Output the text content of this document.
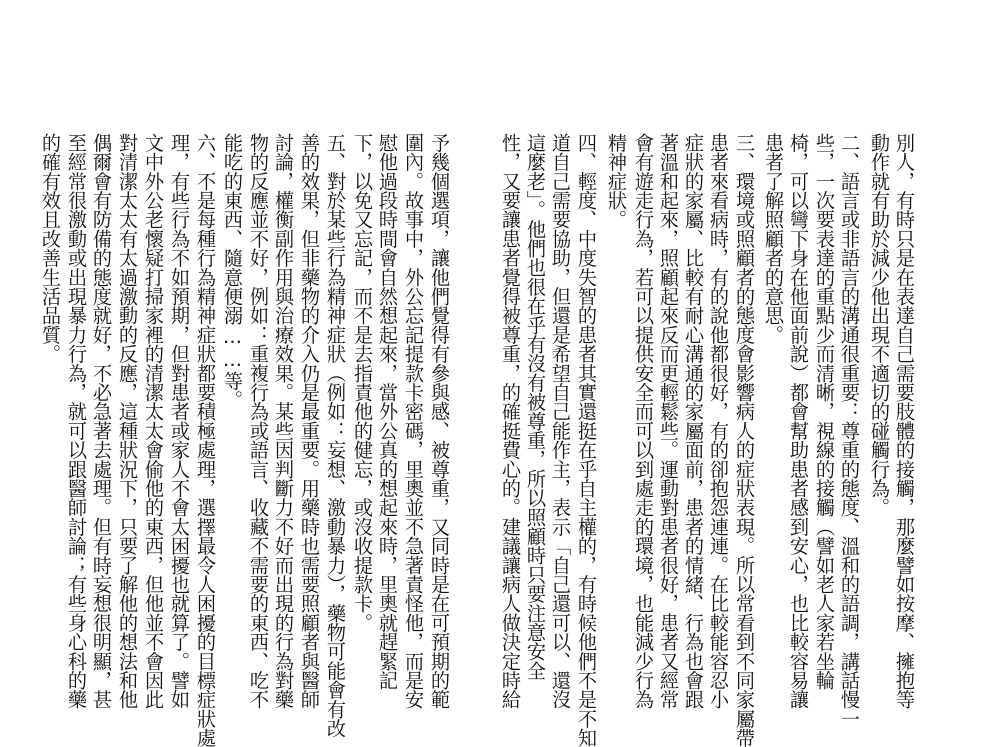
別人，有時只是在表達自己需要肢體的接觸，那麼譬如按摩、擁抱等

動作就有助於減少他出現不適切的碰觸行為。

二、語言或非語言的溝通很重要：尊重的態度、溫和的語調，講話慢一

些，一次要表達的重點少而清晰，視線的接觸（譬如老人家若坐輪

椅，可以彎下身在他面前說）都會幫助患者感到安心，也比較容易讓

患者了解照顧者的意思。

三、環境或照顧者的態度會影響病人的症狀表現。所以常看到不同家屬帶

患者來看病時，有的說他都很好，有的卻抱怨連連。在比較能容忍小

症狀的家屬、比較有耐心溝通的家屬面前，患者的情緒、行為也會跟

著溫和起來，照顧起來反而更輕鬆些。運動對患者很好，患者又經常

會有遊走行為，若可以提供安全而可以到處走的環境，也能減少行為

精神症狀。

四、輕度、中度失智的患者其實還挺在乎自主權的，有時候他們不是不知

道自己需要協助，但還是希望自己能作主，表示「自己還可以、還沒

這麼老」。他們也很在乎有沒有被尊重，所以照顧時只要注意安全

性，又要讓患者覺得被尊重，的確挺費心的。建議讓病人做決定時給

予幾個選項，讓他們覺得有參與感、被尊重，又同時是在可預期的範

圍內。故事中，外公忘記提款卡密碼，里奧並不急著責怪他，而是安

慰他過段時間會自然想起來，當外公真的想起來時，里奧就趕緊記

下，以免又忘記，而不是去指責他的健忘，或沒收提款卡。

五、對於某些行為精神症狀（例如：妄想、激動暴力），藥物可能會有改

善的效果，但非藥物的介入仍是最重要。用藥時也需要照顧者與醫師

討論，權衡副作用與治療效果。某些因判斷力不好而出現的行為對藥

物的反應並不好，例如：重複行為或語言、收藏不需要的東西、吃不

能吃的東西、隨意便溺……等。

六、不是每種行為精神症狀都要積極處理，選擇最令人困擾的目標症狀處

理，有些行為不如預期，但對患者或家人不會太困擾也就算了。譬如

文中外公老懷疑打掃家裡的清潔太太會偷他的東西，但他並不會因此

對清潔太太有太過激動的反應，這種狀況下，只要了解他的想法和他

偶爾會有防備的態度就好，不必急著去處理。但有時妄想很明顯，甚

至經常很激動或出現暴力行為，就可以跟醫師討論；有些身心科的藥

的確有效且改善生活品質。
